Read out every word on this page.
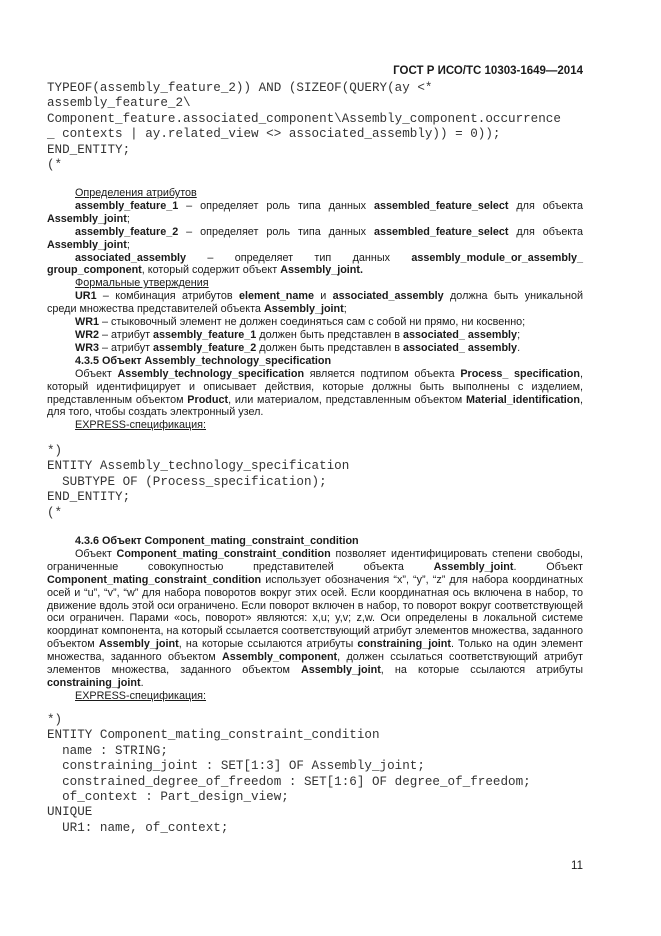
ГОСТ Р ИСО/ТС 10303-1649—2014
TYPEOF(assembly_feature_2)) AND (SIZEOF(QUERY(ay <*
assembly_feature_2\
Component_feature.associated_component\Assembly_component.occurrence
_ contexts | ay.related_view <> associated_assembly)) = 0));
END_ENTITY;
(*

Определения атрибутов

assembly_feature_1 – определяет роль типа данных assembled_feature_select для объекта Assembly_joint;

assembly_feature_2 – определяет роль типа данных assembled_feature_select для объекта Assembly_joint;

associated_assembly – определяет тип данных assembly_module_or_assembly_ group_component, который содержит объект Assembly_joint.

Формальные утверждения

UR1 – комбинация атрибутов element_name и associated_assembly должна быть уникальной среди множества представителей объекта Assembly_joint;

WR1 – стыковочный элемент не должен соединяться сам с собой ни прямо, ни косвенно;

WR2 – атрибут assembly_feature_1 должен быть представлен в associated_ assembly;

WR3 – атрибут assembly_feature_2 должен быть представлен в associated_ assembly.

4.3.5 Объект Assembly_technology_specification

Объект Assembly_technology_specification является подтипом объекта Process_ specification, который идентифицирует и описывает действия, которые должны быть выполнены с изделием, представленным объектом Product, или материалом, представленным объектом Material_identification, для того, чтобы создать электронный узел.

EXPRESS-спецификация:

*)
ENTITY Assembly_technology_specification
SUBTYPE OF (Process_specification);
END_ENTITY;
(*

4.3.6 Объект Component_mating_constraint_condition

Объект Component_mating_constraint_condition позволяет идентифицировать степени свободы, ограниченные совокупностью представителей объекта Assembly_joint. Объект Component_mating_constraint_condition использует обозначения “x”, “y”, “z” для набора координатных осей и “u”, “v”, “w” для набора поворотов вокруг этих осей. Если координатная ось включена в набор, то движение вдоль этой оси ограничено. Если поворот включен в набор, то поворот вокруг соответствующей оси ограничен. Парами «ось, поворот» являются: x,u; y,v; z,w. Оси определены в локальной системе координат компонента, на который ссылается соответствующий атрибут элементов множества, заданного объектом Assembly_joint, на которые ссылаются атрибуты constraining_joint. Только на один элемент множества, заданного объектом Assembly_component, должен ссылаться соответствующий атрибут элементов множества, заданного объектом Assembly_joint, на которые ссылаются атрибуты constraining_joint.

EXPRESS-спецификация:

*)
ENTITY Component_mating_constraint_condition
name : STRING;
constraining_joint : SET[1:3] OF Assembly_joint;
constrained_degree_of_freedom : SET[1:6] OF degree_of_freedom;
of_context : Part_design_view;
UNIQUE
UR1: name, of_context;
11
